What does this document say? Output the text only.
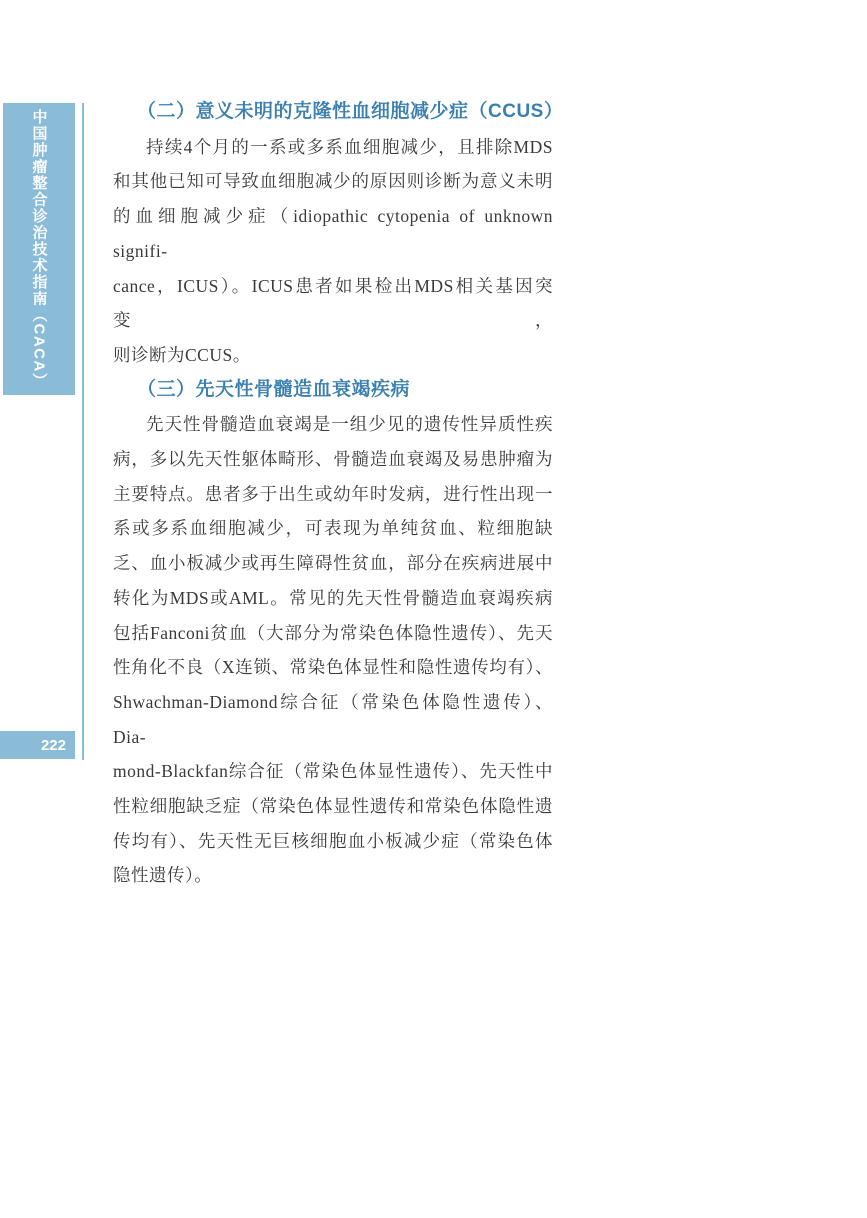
中国肿瘤整合诊治技术指南（CACA）
222
（二）意义未明的克隆性血细胞减少症（CCUS）
持续4个月的一系或多系血细胞减少，且排除MDS
和其他已知可导致血细胞减少的原因则诊断为意义未明
的血细胞减少症（idiopathic cytopenia of unknown signifi-
cance，ICUS）。ICUS患者如果检出MDS相关基因突变，
则诊断为CCUS。
（三）先天性骨髓造血衰竭疾病
先天性骨髓造血衰竭是一组少见的遗传性异质性疾
病，多以先天性躯体畸形、骨髓造血衰竭及易患肿瘤为
主要特点。患者多于出生或幼年时发病，进行性出现一
系或多系血细胞减少，可表现为单纯贫血、粒细胞缺
乏、血小板减少或再生障碍性贫血，部分在疾病进展中
转化为MDS或AML。常见的先天性骨髓造血衰竭疾病
包括Fanconi贫血（大部分为常染色体隐性遗传）、先天
性角化不良（X连锁、常染色体显性和隐性遗传均有）、
Shwachman-Diamond综合征（常染色体隐性遗传）、Dia-
mond-Blackfan综合征（常染色体显性遗传）、先天性中
性粒细胞缺乏症（常染色体显性遗传和常染色体隐性遗
传均有）、先天性无巨核细胞血小板减少症（常染色体
隐性遗传）。
